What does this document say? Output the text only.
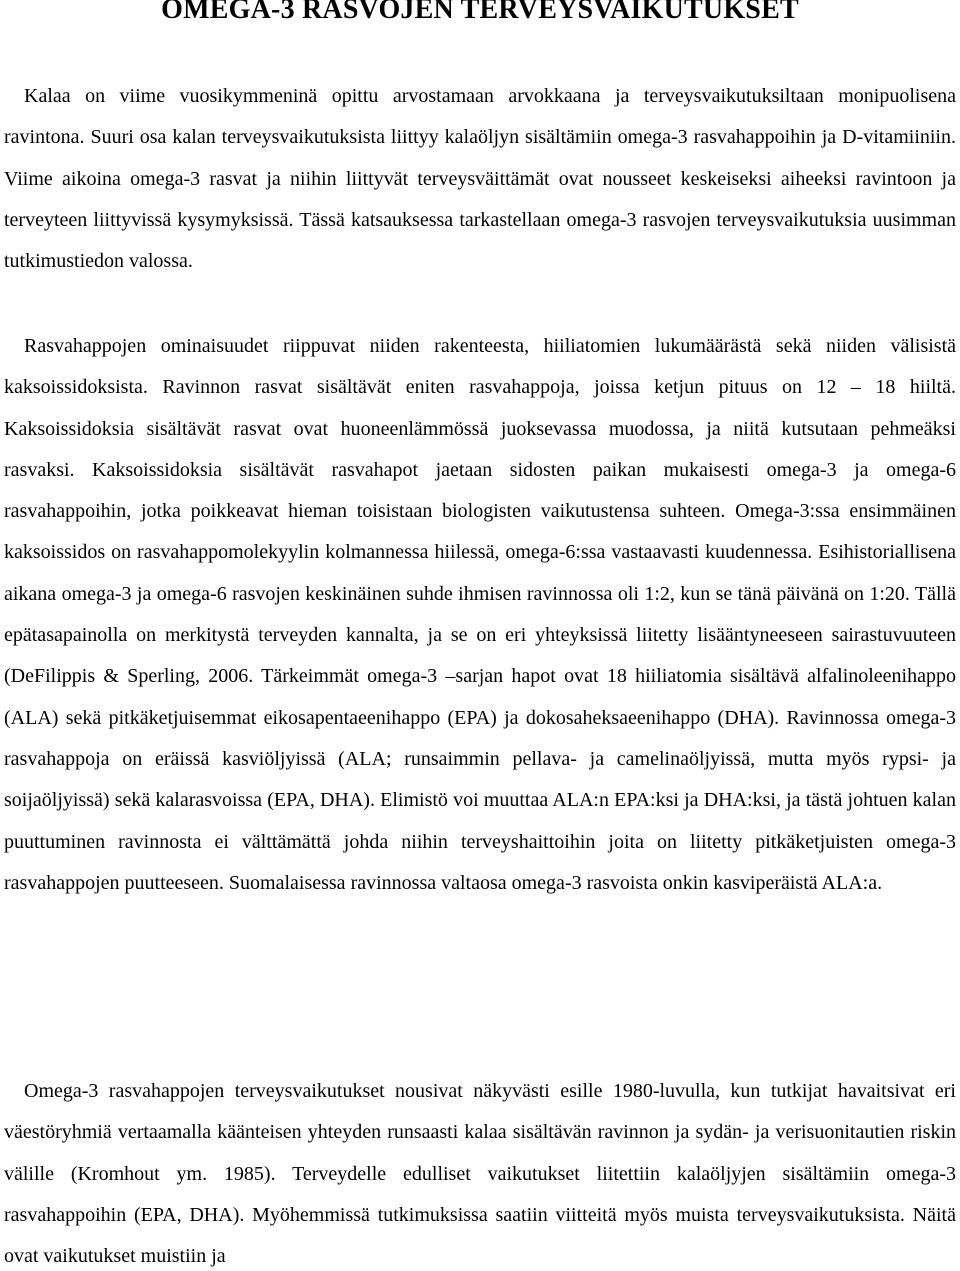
OMEGA-3 RASVOJEN TERVEYSVAIKUTUKSET

Kalaa on viime vuosikymmeninä opittu arvostamaan arvokkaana ja terveysvaikutuksiltaan monipuolisena ravintona. Suuri osa kalan terveysvaikutuksista liittyy kalaöljyn sisältämiin omega-3 rasvahappoihin ja D-vitamiiniin. Viime aikoina omega-3 rasvat ja niihin liittyvät terveysväittämät ovat nousseet keskeiseksi aiheeksi ravintoon ja terveyteen liittyvissä kysymyksissä. Tässä katsauksessa tarkastellaan omega-3 rasvojen terveysvaikutuksia uusimman tutkimustiedon valossa.

Rasvahappojen ominaisuudet riippuvat niiden rakenteesta, hiiliatomien lukumäärästä sekä niiden välisistä kaksoissidoksista. Ravinnon rasvat sisältävät eniten rasvahappoja, joissa ketjun pituus on 12 – 18 hiiltä. Kaksoissidoksia sisältävät rasvat ovat huoneenlämmössä juoksevassa muodossa, ja niitä kutsutaan pehmeäksi rasvaksi. Kaksoissidoksia sisältävät rasvahapot jaetaan sidosten paikan mukaisesti omega-3 ja omega-6 rasvahappoihin, jotka poikkeavat hieman toisistaan biologisten vaikutustensa suhteen. Omega-3:ssa ensimmäinen kaksoissidos on rasvahappomolekyylin kolmannessa hiilessä, omega-6:ssa vastaavasti kuudennessa. Esihistoriallisena aikana omega-3 ja omega-6 rasvojen keskinäinen suhde ihmisen ravinnossa oli 1:2, kun se tänä päivänä on 1:20. Tällä epätasapainolla on merkitystä terveyden kannalta, ja se on eri yhteyksissä liitetty lisääntyneeseen sairastuvuuteen (DeFilippis & Sperling, 2006. Tärkeimmät omega-3 –sarjan hapot ovat 18 hiiliatomia sisältävä alfalinoleenihappo (ALA) sekä pitkäketjuisemmat eikosapentaeenihappo (EPA) ja dokosaheksaeenihappo (DHA). Ravinnossa omega-3 rasvahappoja on eräissä kasviöljyissä (ALA; runsaimmin pellava- ja camelinaöljyissä, mutta myös rypsi- ja soijaöljyissä) sekä kalarasvoissa (EPA, DHA). Elimistö voi muuttaa ALA:n EPA:ksi ja DHA:ksi, ja tästä johtuen kalan puuttuminen ravinnosta ei välttämättä johda niihin terveyshaittoihin joita on liitetty pitkäketjuisten omega-3 rasvahappojen puutteeseen. Suomalaisessa ravinnossa valtaosa omega-3 rasvoista onkin kasviperäistä ALA:a.

Omega-3 rasvahappojen terveysvaikutukset nousivat näkyvästi esille 1980-luvulla, kun tutkijat havaitsivat eri väestöryhmiä vertaamalla käänteisen yhteyden runsaasti kalaa sisältävän ravinnon ja sydän- ja verisuonitautien riskin välille (Kromhout ym. 1985). Terveydelle edulliset vaikutukset liitettiin kalaöljyjen sisältämiin omega-3 rasvahappoihin (EPA, DHA). Myöhemmissä tutkimuksissa saatiin viitteitä myös muista terveysvaikutuksista. Näitä ovat vaikutukset muistiin ja
